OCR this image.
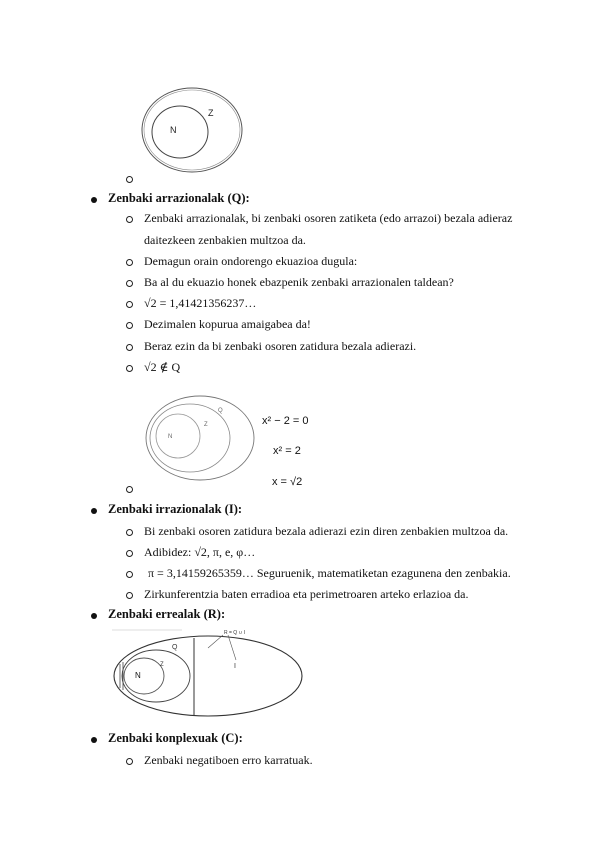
N
Z
Zenbaki arrazionalak (Q):
Zenbaki arrazionalak, bi zenbaki osoren zatiketa (edo arrazoi) bezala adieraz
daitezkeen zenbakien multzoa da.
Demagun orain ondorengo ekuazioa dugula:
Ba al du ekuazio honek ebazpenik zenbaki arrazionalen taldean?
√2 = 1,41421356237…
Dezimalen kopurua amaigabea da!
Beraz ezin da bi zenbaki osoren zatidura bezala adierazi.
√2 ∉ Q
N
Z
Q
x² − 2 = 0
x² = 2
x = √2
Zenbaki irrazionalak (I):
Bi zenbaki osoren zatidura bezala adierazi ezin diren zenbakien multzoa da.
Adibidez: √2, π, e, φ…
π = 3,14159265359… Seguruenik, matematiketan ezagunena den zenbakia.
Zirkunferentzia baten erradioa eta perimetroaren arteko erlazioa da.
Zenbaki errealak (R):
N
Z
Q
I
R = Q ∪ I
Zenbaki konplexuak (C):
Zenbaki negatiboen erro karratuak.
